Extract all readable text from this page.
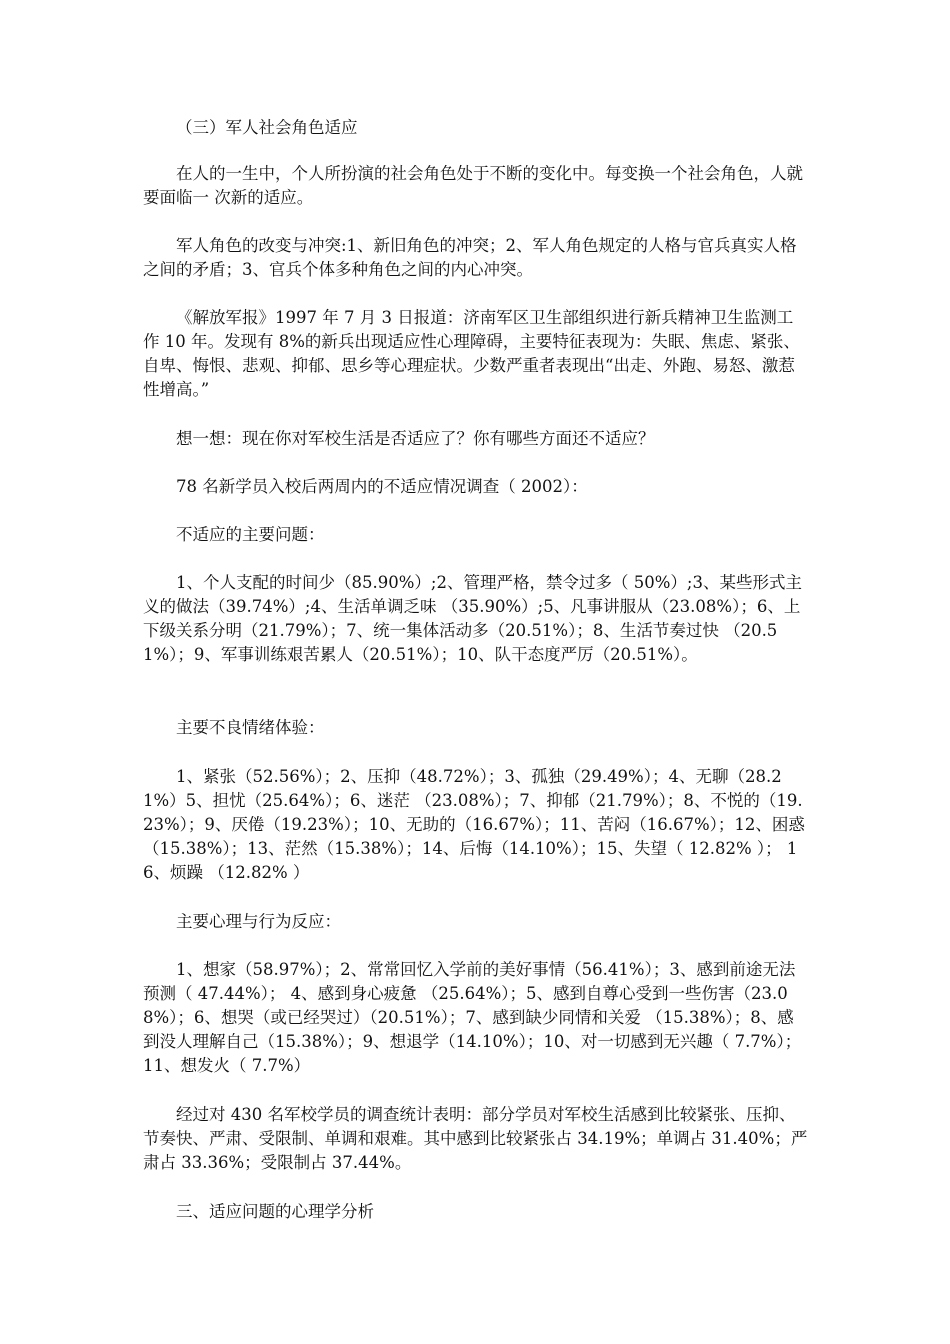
（三）军人社会角色适应

在人的一生中，个人所扮演的社会角色处于不断的变化中。每变换一个社会角色，人就要面临一 次新的适应。

军人角色的改变与冲突:1、新旧角色的冲突；2、军人角色规定的人格与官兵真实人格之间的矛盾；3、官兵个体多种角色之间的内心冲突。

《解放军报》1997 年 7 月 3 日报道：济南军区卫生部组织进行新兵精神卫生监测工作 10 年。发现有 8%的新兵出现适应性心理障碍，主要特征表现为：失眠、焦虑、紧张、自卑、悔恨、悲观、抑郁、思乡等心理症状。少数严重者表现出“出走、外跑、易怒、激惹性增高。”

想一想：现在你对军校生活是否适应了？你有哪些方面还不适应？

78 名新学员入校后两周内的不适应情况调查（ 2002）：

不适应的主要问题：

1、个人支配的时间少（85.90%）;2、管理严格，禁令过多（ 50%）;3、某些形式主义的做法（39.74%）;4、生活单调乏味 （35.90%）;5、凡事讲服从（23.08%）；6、上下级关系分明（21.79%）；7、统一集体活动多（20.51%）；8、生活节奏过快 （20.51%）；9、军事训练艰苦累人（20.51%）；10、队干态度严厉（20.51%）。

主要不良情绪体验：

1、紧张（52.56%）；2、压抑（48.72%）；3、孤独（29.49%）；4、无聊（28.21%）5、担忧（25.64%）；6、迷茫 （23.08%）；7、抑郁（21.79%）；8、不悦的（19.23%）；9、厌倦（19.23%）；10、无助的（16.67%）；11、苦闷（16.67%）；12、困惑（15.38%）；13、茫然（15.38%）；14、后悔（14.10%）；15、失望（ 12.82% ）； 16、烦躁 （12.82% ）

主要心理与行为反应：

1、想家（58.97%）；2、常常回忆入学前的美好事情（56.41%）；3、感到前途无法预测（ 47.44%）； 4、感到身心疲惫 （25.64%）；5、感到自尊心受到一些伤害（23.08%）；6、想哭（或已经哭过）（20.51%）；7、感到缺少同情和关爱 （15.38%）；8、感到没人理解自己（15.38%）；9、想退学（14.10%）；10、对一切感到无兴趣（ 7.7%）； 11、想发火（ 7.7%）

经过对 430 名军校学员的调查统计表明：部分学员对军校生活感到比较紧张、压抑、节奏快、严肃、受限制、单调和艰难。其中感到比较紧张占 34.19%；单调占 31.40%；严肃占 33.36%；受限制占 37.44%。

三、适应问题的心理学分析
